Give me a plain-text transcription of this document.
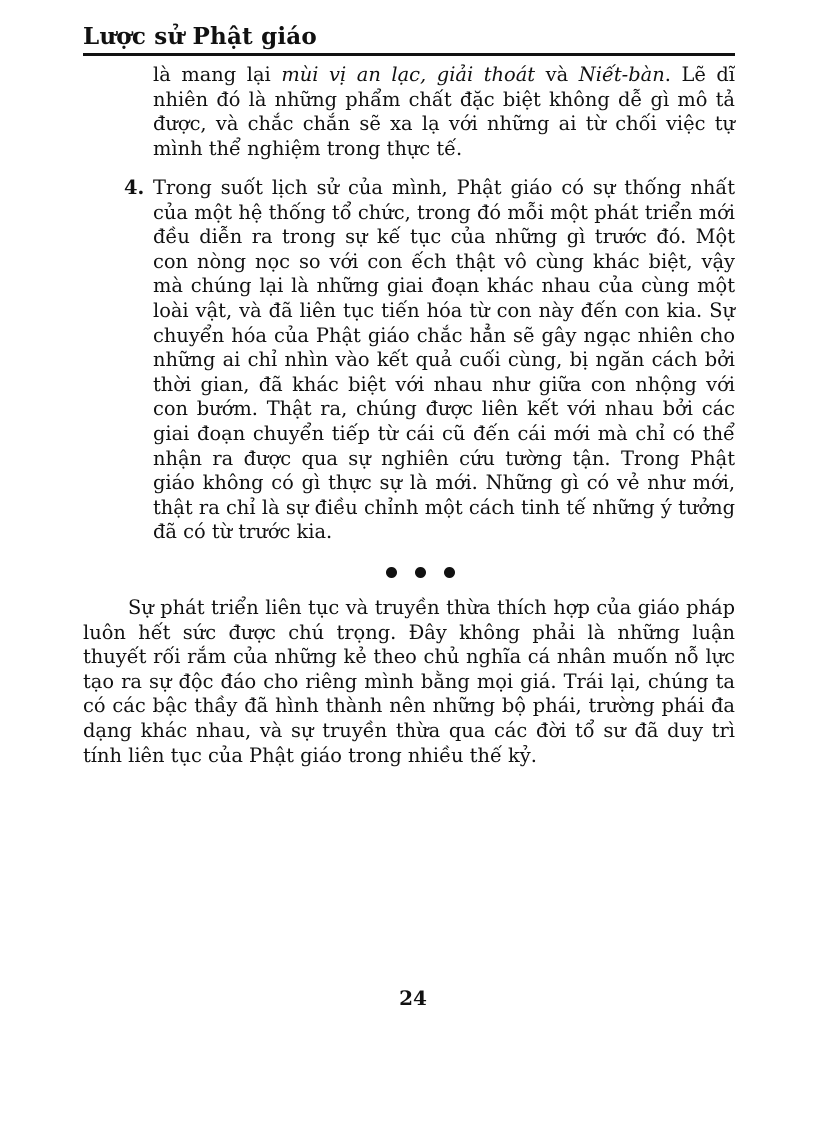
Lược sử Phật giáo

là mang lại mùi vị an lạc, giải thoát và Niết-bàn. Lẽ dĩ nhiên đó là những phẩm chất đặc biệt không dễ gì mô tả được, và chắc chắn sẽ xa lạ với những ai từ chối việc tự mình thể nghiệm trong thực tế.

4. Trong suốt lịch sử của mình, Phật giáo có sự thống nhất của một hệ thống tổ chức, trong đó mỗi một phát triển mới đều diễn ra trong sự kế tục của những gì trước đó. Một con nòng nọc so với con ếch thật vô cùng khác biệt, vậy mà chúng lại là những giai đoạn khác nhau của cùng một loài vật, và đã liên tục tiến hóa từ con này đến con kia. Sự chuyển hóa của Phật giáo chắc hẳn sẽ gây ngạc nhiên cho những ai chỉ nhìn vào kết quả cuối cùng, bị ngăn cách bởi thời gian, đã khác biệt với nhau như giữa con nhộng với con bướm. Thật ra, chúng được liên kết với nhau bởi các giai đoạn chuyển tiếp từ cái cũ đến cái mới mà chỉ có thể nhận ra được qua sự nghiên cứu tường tận. Trong Phật giáo không có gì thực sự là mới. Những gì có vẻ như mới, thật ra chỉ là sự điều chỉnh một cách tinh tế những ý tưởng đã có từ trước kia.

Sự phát triển liên tục và truyền thừa thích hợp của giáo pháp luôn hết sức được chú trọng. Đây không phải là những luận thuyết rối rắm của những kẻ theo chủ nghĩa cá nhân muốn nỗ lực tạo ra sự độc đáo cho riêng mình bằng mọi giá. Trái lại, chúng ta có các bậc thầy đã hình thành nên những bộ phái, trường phái đa dạng khác nhau, và sự truyền thừa qua các đời tổ sư đã duy trì tính liên tục của Phật giáo trong nhiều thế kỷ.

24
